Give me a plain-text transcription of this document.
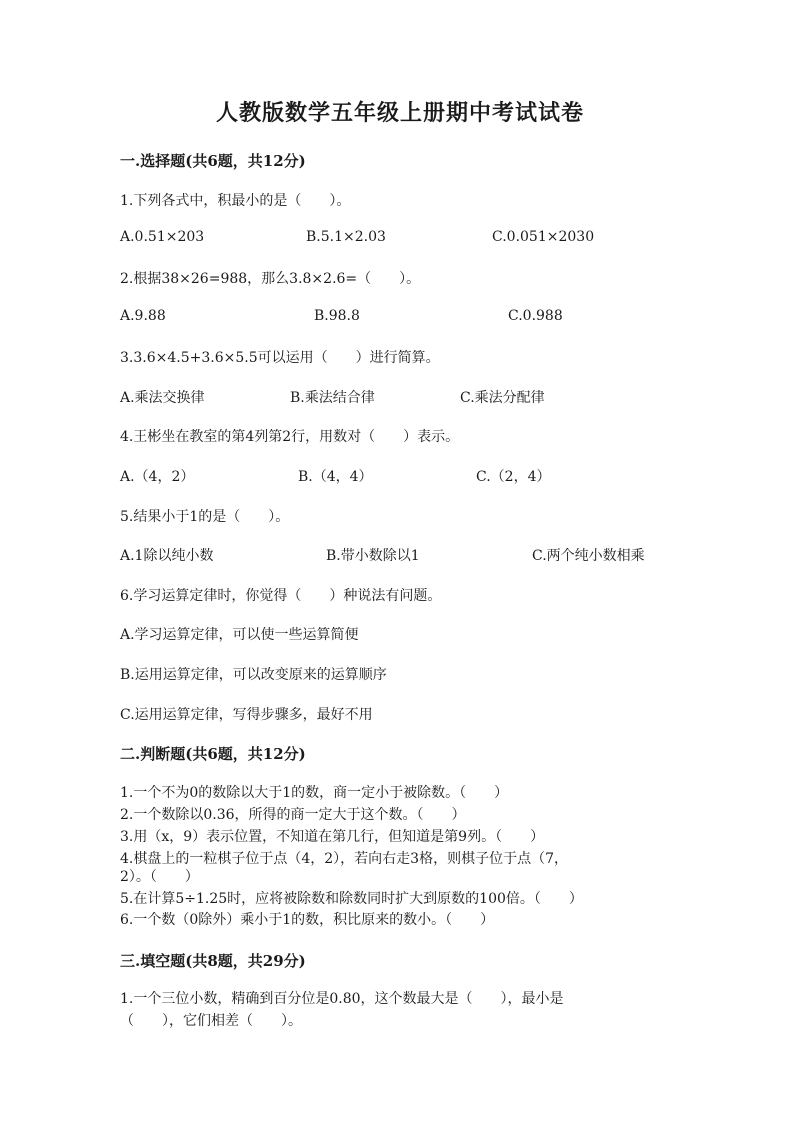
人教版数学五年级上册期中考试试卷
一.选择题(共6题，共12分)
1.下列各式中，积最小的是（　　）。
A.0.51×203	B.5.1×2.03	C.0.051×2030
2.根据38×26=988，那么3.8×2.6=（　　）。
A.9.88	B.98.8	C.0.988
3.3.6×4.5+3.6×5.5可以运用（　　）进行简算。
A.乘法交换律	B.乘法结合律	C.乘法分配律
4.王彬坐在教室的第4列第2行，用数对（　　）表示。
A.（4，2）	B.（4，4）	C.（2，4）
5.结果小于1的是（　　）。
A.1除以纯小数	B.带小数除以1	C.两个纯小数相乘
6.学习运算定律时，你觉得（　　）种说法有问题。
A.学习运算定律，可以使一些运算简便
B.运用运算定律，可以改变原来的运算顺序
C.运用运算定律，写得步骤多，最好不用
二.判断题(共6题，共12分)
1.一个不为0的数除以大于1的数，商一定小于被除数。（　　）
2.一个数除以0.36，所得的商一定大于这个数。（　　）
3.用（x，9）表示位置，不知道在第几行，但知道是第9列。（　　）
4.棋盘上的一粒棋子位于点（4，2），若向右走3格，则棋子位于点（7，
2）。（　　）
5.在计算5÷1.25时，应将被除数和除数同时扩大到原数的100倍。（　　）
6.一个数（0除外）乘小于1的数，积比原来的数小。（　　）
三.填空题(共8题，共29分)
1.一个三位小数，精确到百分位是0.80，这个数最大是（　　），最小是
（　　），它们相差（　　）。
